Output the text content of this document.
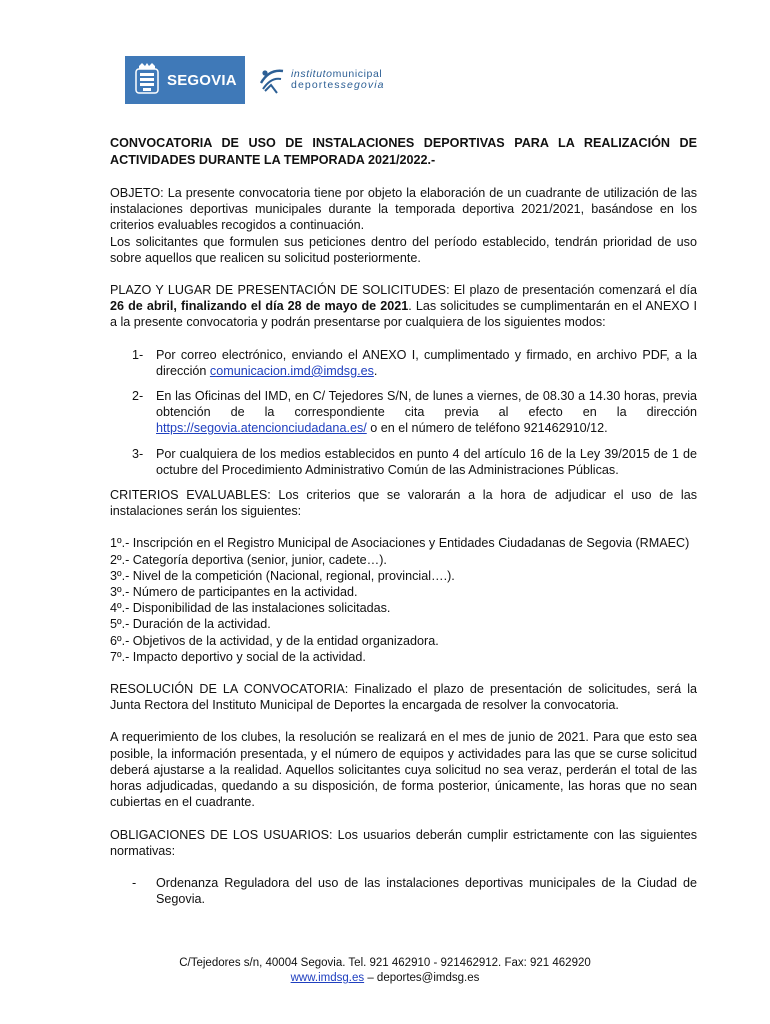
SEGOVIA	institutomunicipal
deportessegovia

CONVOCATORIA DE USO DE INSTALACIONES DEPORTIVAS PARA LA REALIZACIÓN DE ACTIVIDADES DURANTE LA TEMPORADA 2021/2022.-

OBJETO: La presente convocatoria tiene por objeto la elaboración de un cuadrante de utilización de las instalaciones deportivas municipales durante la temporada deportiva 2021/2021, basándose en los criterios evaluables recogidos a continuación.

Los solicitantes que formulen sus peticiones dentro del período establecido, tendrán prioridad de uso sobre aquellos que realicen su solicitud posteriormente.

PLAZO Y LUGAR DE PRESENTACIÓN DE SOLICITUDES: El plazo de presentación comenzará el día 26 de abril, finalizando el día 28 de mayo de 2021. Las solicitudes se cumplimentarán en el ANEXO I a la presente convocatoria y podrán presentarse por cualquiera de los siguientes modos:

1- Por correo electrónico, enviando el ANEXO I, cumplimentado y firmado, en archivo PDF, a la dirección comunicacion.imd@imdsg.es.
2- En las Oficinas del IMD, en C/ Tejedores S/N, de lunes a viernes, de 08.30 a 14.30 horas, previa obtención de la correspondiente cita previa al efecto en la dirección https://segovia.atencionciudadana.es/ o en el número de teléfono 921462910/12.
3- Por cualquiera de los medios establecidos en punto 4 del artículo 16 de la Ley 39/2015 de 1 de octubre del Procedimiento Administrativo Común de las Administraciones Públicas.

CRITERIOS EVALUABLES: Los criterios que se valorarán a la hora de adjudicar el uso de las instalaciones serán los siguientes:

1º.- Inscripción en el Registro Municipal de Asociaciones y Entidades Ciudadanas de Segovia (RMAEC)

2º.- Categoría deportiva (senior, junior, cadete…).

3º.- Nivel de la competición (Nacional, regional, provincial….).

3º.- Número de participantes en la actividad.

4º.- Disponibilidad de las instalaciones solicitadas.

5º.- Duración de la actividad.

6º.- Objetivos de la actividad, y de la entidad organizadora.

7º.- Impacto deportivo y social de la actividad.

RESOLUCIÓN DE LA CONVOCATORIA: Finalizado el plazo de presentación de solicitudes, será la Junta Rectora del Instituto Municipal de Deportes la encargada de resolver la convocatoria.

A requerimiento de los clubes, la resolución se realizará en el mes de junio de 2021. Para que esto sea posible, la información presentada, y el número de equipos y actividades para las que se curse solicitud deberá ajustarse a la realidad. Aquellos solicitantes cuya solicitud no sea veraz, perderán el total de las horas adjudicadas, quedando a su disposición, de forma posterior, únicamente, las horas que no sean cubiertas en el cuadrante.

OBLIGACIONES DE LOS USUARIOS: Los usuarios deberán cumplir estrictamente con las siguientes normativas:

- Ordenanza Reguladora del uso de las instalaciones deportivas municipales de la Ciudad de Segovia.
C/Tejedores s/n, 40004 Segovia. Tel. 921 462910 - 921462912. Fax: 921 462920
www.imdsg.es – deportes@imdsg.es
